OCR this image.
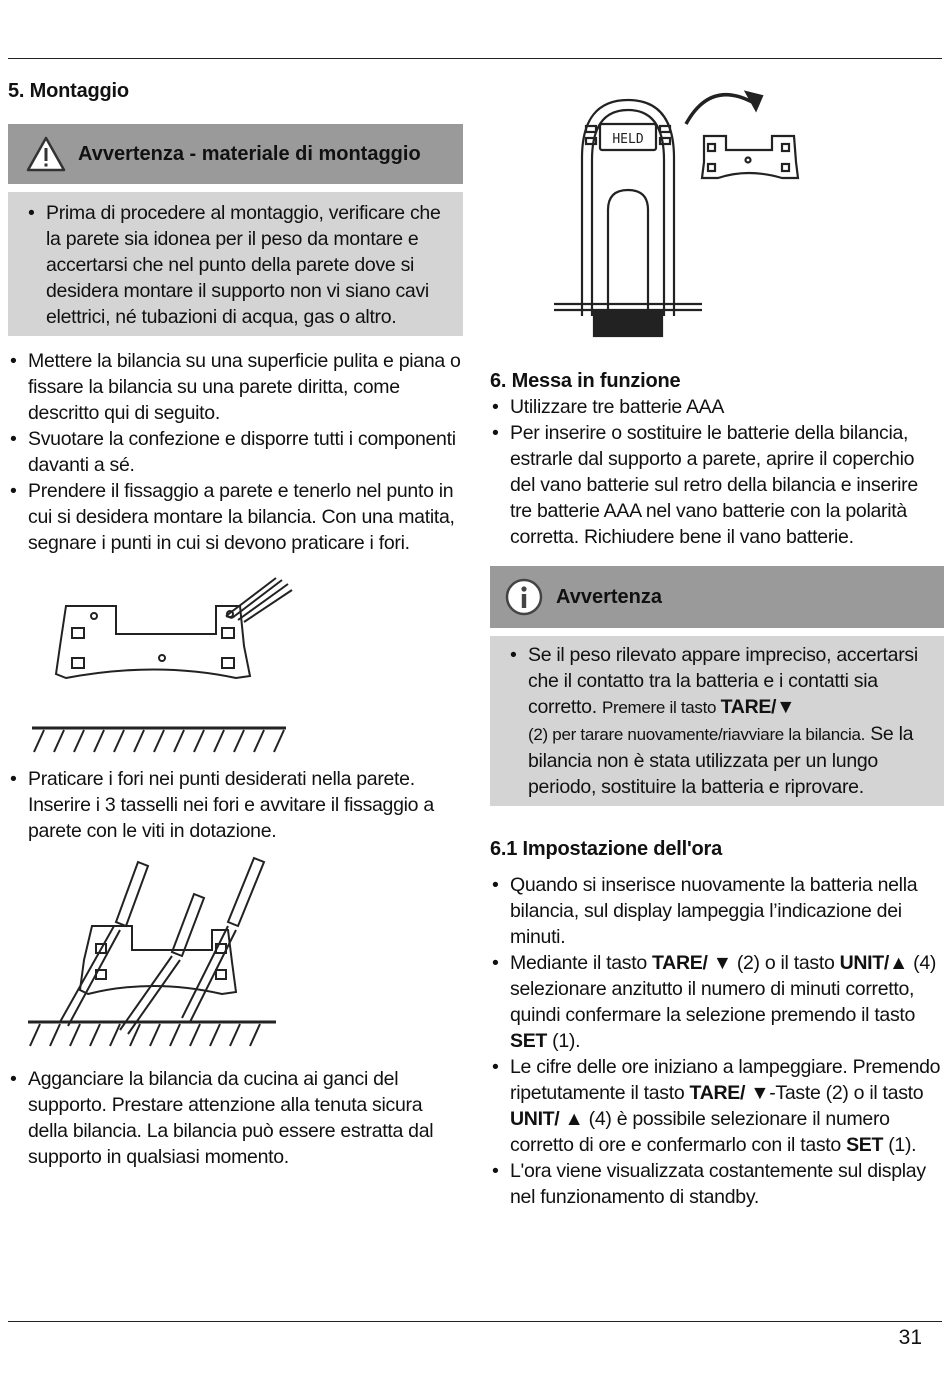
5. Montaggio
Avvertenza - materiale di montaggio
• Prima di procedere al montaggio, verificare che la parete sia idonea per il peso da montare e accertarsi che nel punto della parete dove si desidera montare il supporto non vi siano cavi elettrici, né tubazioni di acqua, gas o altro.
• Mettere la bilancia su una superficie pulita e piana o fissare la bilancia su una parete diritta, come descritto qui di seguito.
• Svuotare la confezione e disporre tutti i componenti davanti a sé.
• Prendere il fissaggio a parete e tenerlo nel punto in cui si desidera montare la bilancia. Con una matita, segnare i punti in cui si devono praticare i fori.
• Praticare i fori nei punti desiderati nella parete. Inserire i 3 tasselli nei fori e avvitare il fissaggio a parete con le viti in dotazione.
• Agganciare la bilancia da cucina ai ganci del supporto. Prestare attenzione alla tenuta sicura della bilancia. La bilancia può essere estratta dal supporto in qualsiasi momento.
HELD
6. Messa in funzione
• Utilizzare tre batterie AAA
• Per inserire o sostituire le batterie della bilancia, estrarle dal supporto a parete, aprire il coperchio del vano batterie sul retro della bilancia e inserire tre batterie AAA nel vano batterie con la polarità corretta. Richiudere bene il vano batterie.
Avvertenza
• Se il peso rilevato appare impreciso, accertarsi che il contatto tra la batteria e i contatti sia corretto. Premere il tasto TARE/▼
(2) per tarare nuovamente/riavviare la bilancia. Se la bilancia non è stata utilizzata per un lungo periodo, sostituire la batteria e riprovare.
6.1 Impostazione dell'ora
• Quando si inserisce nuovamente la batteria nella bilancia, sul display lampeggia l’indicazione dei minuti.
• Mediante il tasto TARE/ ▼ (2) o il tasto UNIT/▲ (4) selezionare anzitutto il numero di minuti corretto, quindi confermare la selezione premendo il tasto SET (1).
• Le cifre delle ore iniziano a lampeggiare. Premendo ripetutamente il tasto TARE/ ▼-Taste (2) o il tasto UNIT/ ▲ (4) è possibile selezionare il numero corretto di ore e confermarlo con il tasto SET (1).
• L'ora viene visualizzata costantemente sul display nel funzionamento di standby.
31
